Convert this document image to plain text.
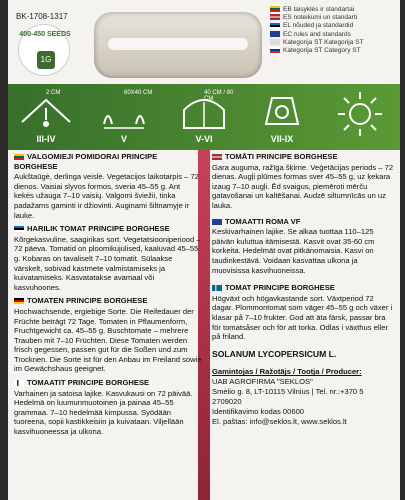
BK-1708-1317
400-450 SEEDS
1G
EB taisyklės ir standartai
ES noteikumi un standarti
EL nõuded ja standardid
EC rules and standards
Kategorija ST Kategorija ST
Kategorija ST Category ST
2 CM
III-IV
60X40 CM
V
40 CM / 90 CM
V-VI	VII-IX
VALGOMIEJI POMIDORAI PRINCIPE BORGHESE
Aukštaūgė, derlinga veislė. Vegetacijos laikotarpis – 72 dienos. Vaisiai slyvos formos, sveria 45–55 g. Ant kekės užauga 7–10 vaisių. Valgomi šviežii, tinka padažams gaminti ir džiovinti. Auginami šiltnamyje ir lauke.
HARILIK TOMAT PRINCIPE BORGHESE
Kõrgekasvuline, saagirikas sort. Vegetatsiooniperiood – 72 päeva. Tomatid on ploomikujulised, kaaluvad 45–55 g. Kobaras on tavaliselt 7–10 tomatit. Sülaakse värskelt, sobivad kastmete valmistamiseks ja kuivatamiseks. Kasvatatakse avamaal või kasvuhoones.
TOMATEN PRINCIPE BORGHESE
Hochwachsende, ergiebige Sorte. Die Reifedauer der Früchte beträgt 72 Tage. Tomaten in Pflaumenform, Fruchtgewicht ca. 45–55 g. Buschtomate – mehrere Trauben mit 7–10 Früchten. Diese Tomaten werden frisch gegessen, passen gut für die Soßen und zum Trocknen. Die Sorte ist für den Anbau im Freiland sowie im Gewächshaus geeignet.
TOMAATIT PRINCIPE BORGHESE
Varhainen ja satoisa lajike. Kasvukausi on 72 päivää. Hedelmä on luumunmuotoinen ja painaa 45–55 grammaa. 7–10 hedelmää kimpussa. Syödään tuoreena, sopii kastikkeisiin ja kuivataan. Viljellään kasvihuoneessa ja ulkona.
TOMĀTI PRINCIPE BORGHESE
Gara auguma, ražīga šķirne. Veģetācijas periods – 72 dienas. Augļi plūmes formas sver 45–55 g, uz ķekara izaug 7–10 augļi. Ēd svaigus, piemēroti mērču gatavošanai un kaltēšanai. Audzē siltumnīcās un uz lauka.
TOMAATTI ROMA VF
Keskivarhainen lajike. Se alkaa tuottaa 110–125 päivän kuluttua itämisestä. Kasvit ovat 35-60 cm korkeita. Hedelmät ovat pitkänomaisia. Kasvi on taudinkestävä. Voidaan kasvattaa ulkona ja muovisissa kasvihuoneissa.
TOMAT PRINCIPE BORGHESE
Högväxt och högavkastande sort. Växtperiod 72 dagar. Plommontomat som väger 45–55 g och växer i klasar på 7–10 frukter. God att äta färsk, passar bra för tomatsåser och för att torka. Odlas i växthus eller på friland.
SOLANUM LYCOPERSICUM L.
Gamintojas / Ražotājs / Tootja / Producer:
UAB AGROFIRMA "SEKLOS"
Smėlio g. 8, LT-10115 Vilnius | Tel. nr.:+370 5 2709020
Identifikavimo kodas 00600
El. paštas: info@seklos.lt, www.seklos.lt
